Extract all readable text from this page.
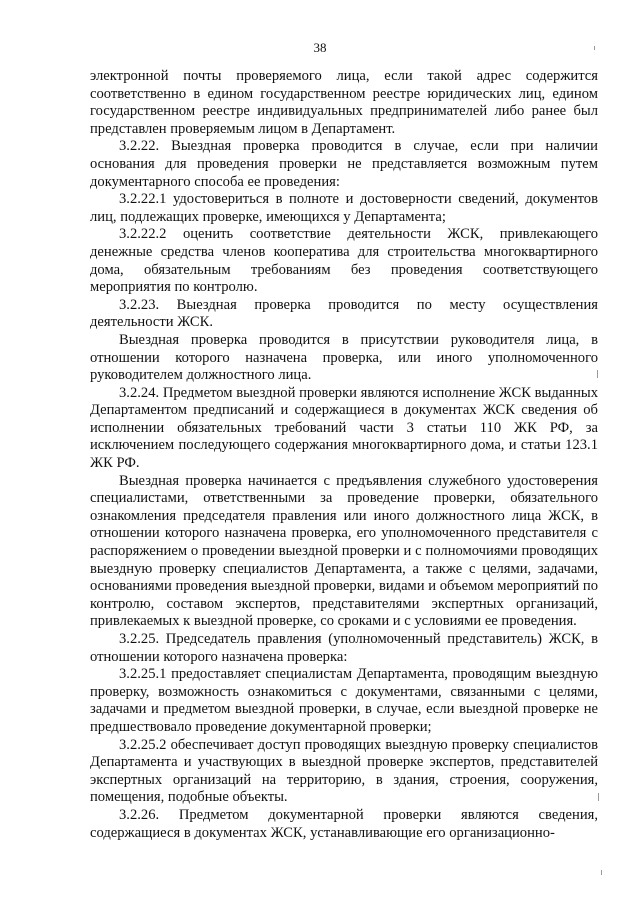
38

электронной почты проверяемого лица, если такой адрес содержится соответственно в едином государственном реестре юридических лиц, едином государственном реестре индивидуальных предпринимателей либо ранее был представлен проверяемым лицом в Департамент.

3.2.22. Выездная проверка проводится в случае, если при наличии основания для проведения проверки не представляется возможным путем документарного способа ее проведения:

3.2.22.1 удостовериться в полноте и достоверности сведений, документов лиц, подлежащих проверке, имеющихся у Департамента;

3.2.22.2 оценить соответствие деятельности ЖСК, привлекающего денежные средства членов кооператива для строительства многоквартирного дома, обязательным требованиям без проведения соответствующего мероприятия по контролю.

3.2.23. Выездная проверка проводится по месту осуществления деятельности ЖСК.

Выездная проверка проводится в присутствии руководителя лица, в отношении которого назначена проверка, или иного уполномоченного руководителем должностного лица.

3.2.24. Предметом выездной проверки являются исполнение ЖСК выданных Департаментом предписаний и содержащиеся в документах ЖСК сведения об исполнении обязательных требований части 3 статьи 110 ЖК РФ, за исключением последующего содержания многоквартирного дома, и статьи 123.1 ЖК РФ.

Выездная проверка начинается с предъявления служебного удостоверения специалистами, ответственными за проведение проверки, обязательного ознакомления председателя правления или иного должностного лица ЖСК, в отношении которого назначена проверка, его уполномоченного представителя с распоряжением о проведении выездной проверки и с полномочиями проводящих выездную проверку специалистов Департамента, а также с целями, задачами, основаниями проведения выездной проверки, видами и объемом мероприятий по контролю, составом экспертов, представителями экспертных организаций, привлекаемых к выездной проверке, со сроками и с условиями ее проведения.

3.2.25. Председатель правления (уполномоченный представитель) ЖСК, в отношении которого назначена проверка:

3.2.25.1 предоставляет специалистам Департамента, проводящим выездную проверку, возможность ознакомиться с документами, связанными с целями, задачами и предметом выездной проверки, в случае, если выездной проверке не предшествовало проведение документарной проверки;

3.2.25.2 обеспечивает доступ проводящих выездную проверку специалистов Департамента и участвующих в выездной проверке экспертов, представителей экспертных организаций на территорию, в здания, строения, сооружения, помещения, подобные объекты.

3.2.26. Предметом документарной проверки являются сведения, содержащиеся в документах ЖСК, устанавливающие его организационно-
